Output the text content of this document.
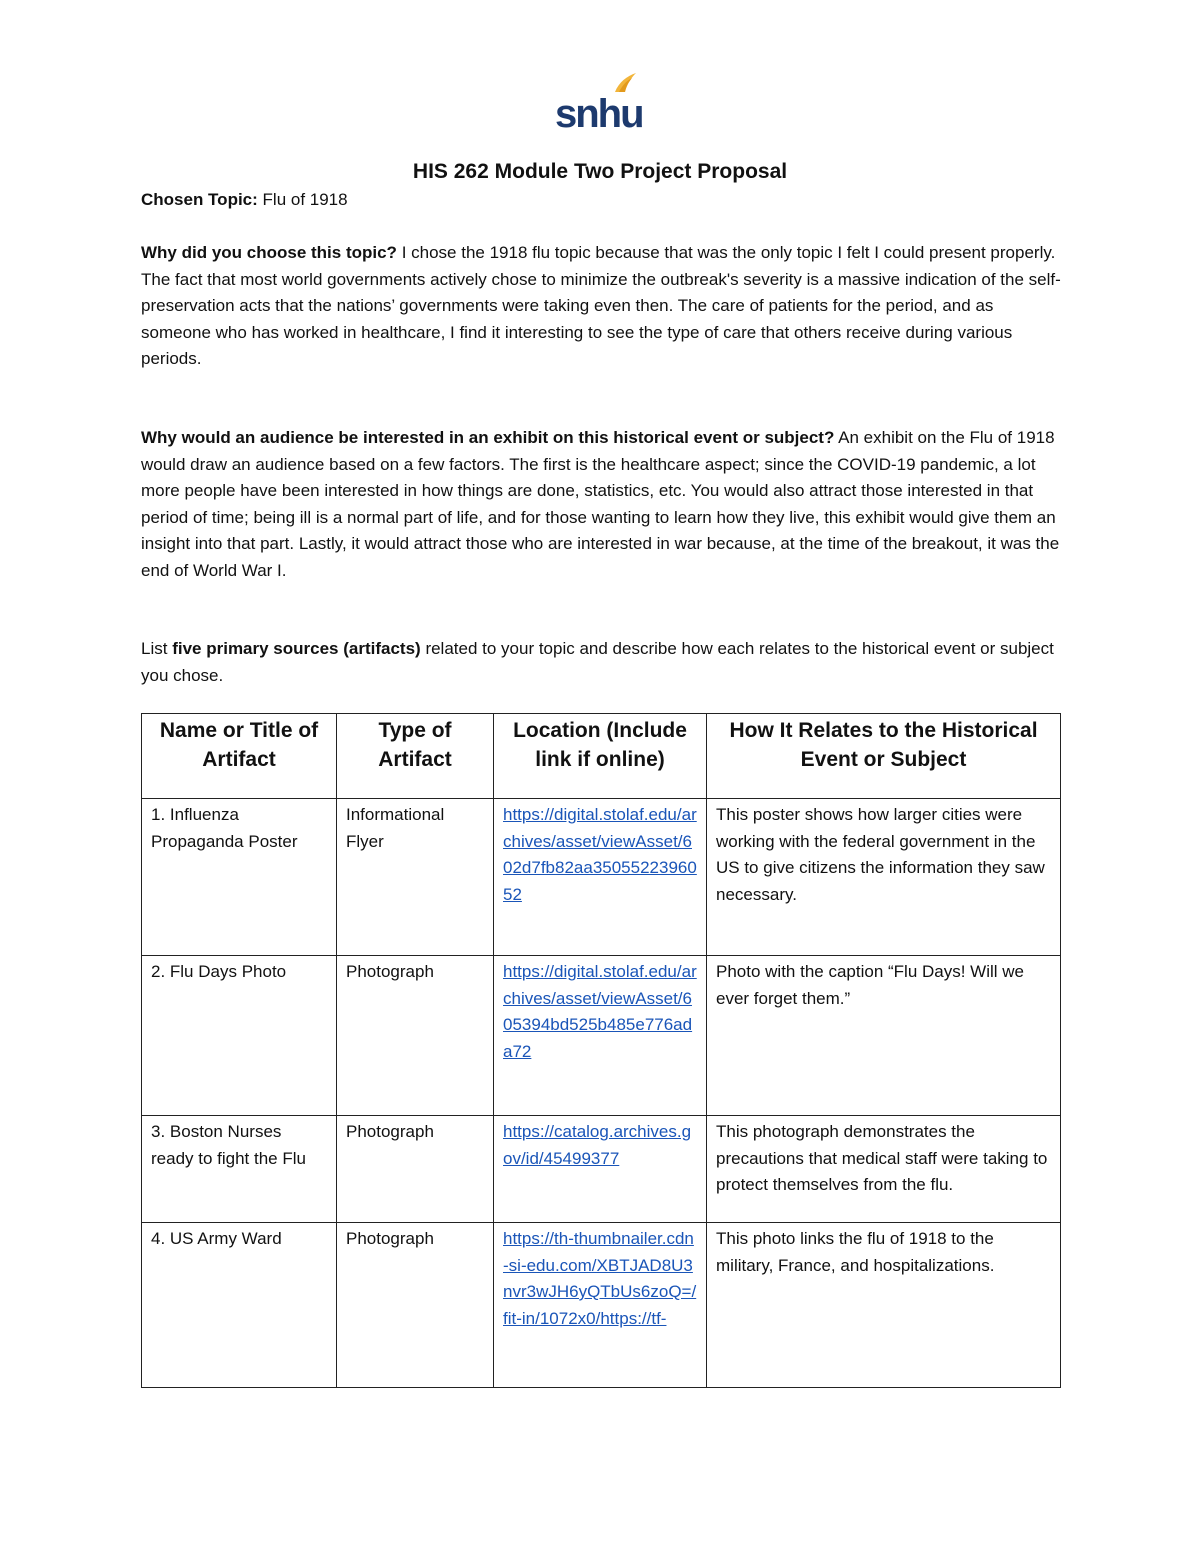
snhu
HIS 262 Module Two Project Proposal
Chosen Topic: Flu of 1918
Why did you choose this topic? I chose the 1918 flu topic because that was the only topic I felt I could present properly. The fact that most world governments actively chose to minimize the outbreak's severity is a massive indication of the self-preservation acts that the nations’ governments were taking even then. The care of patients for the period, and as someone who has worked in healthcare, I find it interesting to see the type of care that others receive during various periods.
Why would an audience be interested in an exhibit on this historical event or subject? An exhibit on the Flu of 1918 would draw an audience based on a few factors. The first is the healthcare aspect; since the COVID-19 pandemic, a lot more people have been interested in how things are done, statistics, etc. You would also attract those interested in that period of time; being ill is a normal part of life, and for those wanting to learn how they live, this exhibit would give them an insight into that part. Lastly, it would attract those who are interested in war because, at the time of the breakout, it was the end of World War I.
List five primary sources (artifacts) related to your topic and describe how each relates to the historical event or subject you chose.
Name or Title of Artifact	Type of Artifact	Location (Include link if online)	How It Relates to the Historical Event or Subject
1. Influenza Propaganda Poster	Informational Flyer	https://digital.stolaf.edu/archives/asset/viewAsset/602d7fb82aa3505522396052	This poster shows how larger cities were working with the federal government in the US to give citizens the information they saw necessary.
2. Flu Days Photo	Photograph	https://digital.stolaf.edu/archives/asset/viewAsset/605394bd525b485e776ada72	Photo with the caption “Flu Days! Will we ever forget them.”
3. Boston Nurses ready to fight the Flu	Photograph	https://catalog.archives.gov/id/45499377	This photograph demonstrates the precautions that medical staff were taking to protect themselves from the flu.
4. US Army Ward	Photograph	https://th-thumbnailer.cdn-si-edu.com/XBTJAD8U3nvr3wJH6yQTbUs6zoQ=/fit-in/1072x0/https://tf-	This photo links the flu of 1918 to the military, France, and hospitalizations.
